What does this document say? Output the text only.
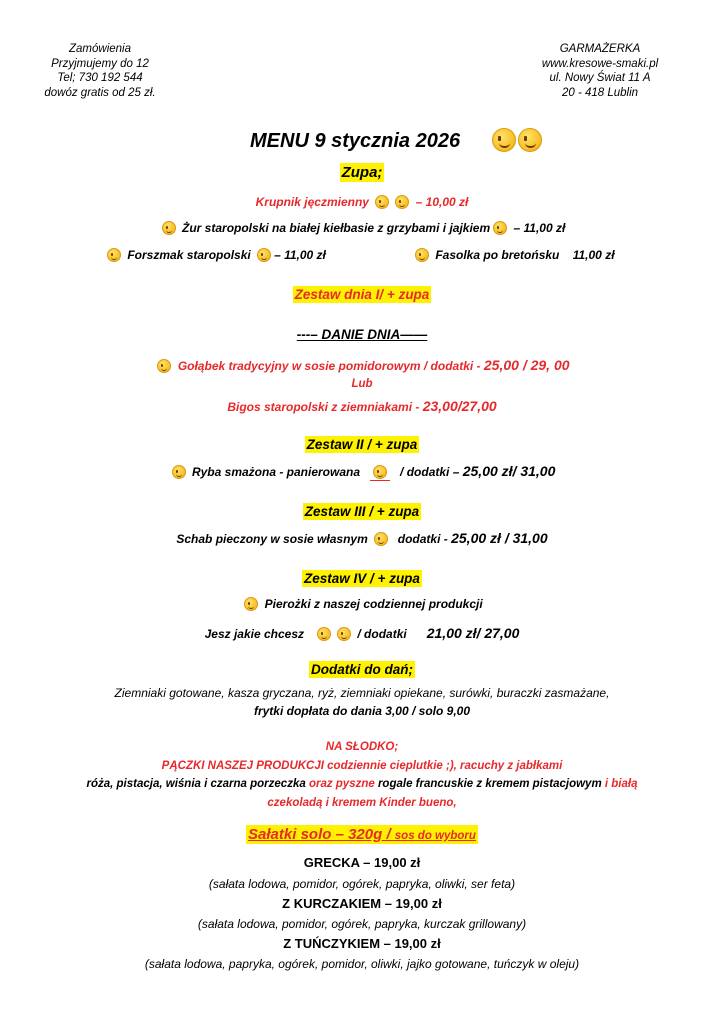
Zamówienia
Przyjmujemy do 12
Tel; 730 192 544
dowóz gratis od 25 zł.
GARMAŻERKA
www.kresowe-smaki.pl
ul. Nowy Świat 11 A
20 - 418 Lublin
MENU 9 stycznia 2026
Zupa;
Krupnik jęczmienny	– 10,00 zł
Żur staropolski na białej kiełbasie z grzybami i jajkiem – 11,00 zł
Forszmak staropolski – 11,00 zł	Fasolka po bretońsku 11,00 zł
Zestaw dnia I/ + zupa
---– DANIE DNIA——
Gołąbek tradycyjny w sosie pomidorowym / dodatki - 25,00 / 29, 00
Lub
Bigos staropolski z ziemniakami - 23,00/27,00
Zestaw II / + zupa
Ryba smażona - panierowana	/ dodatki – 25,00 zł/ 31,00
Zestaw III / + zupa
Schab pieczony w sosie własnym	dodatki - 25,00 zł / 31,00
Zestaw IV / + zupa
Pierożki z naszej codziennej produkcji
Jesz jakie chcesz	/ dodatki 21,00 zł/ 27,00
Dodatki do dań;
Ziemniaki gotowane, kasza gryczana, ryż, ziemniaki opiekane, surówki, buraczki zasmażane,
frytki dopłata do dania 3,00 / solo 9,00
NA SŁODKO;
PĄCZKI NASZEJ PRODUKCJI codziennie cieplutkie ;), racuchy z jabłkami
róża, pistacja, wiśnia i czarna porzeczka oraz pyszne rogale francuskie z kremem pistacjowym i białą
czekoladą i kremem Kinder bueno,
Sałatki solo – 320g / sos do wyboru
GRECKA – 19,00 zł
(sałata lodowa, pomidor, ogórek, papryka, oliwki, ser feta)
Z KURCZAKIEM – 19,00 zł
(sałata lodowa, pomidor, ogórek, papryka, kurczak grillowany)
Z TUŃCZYKIEM – 19,00 zł
(sałata lodowa, papryka, ogórek, pomidor, oliwki, jajko gotowane, tuńczyk w oleju)
